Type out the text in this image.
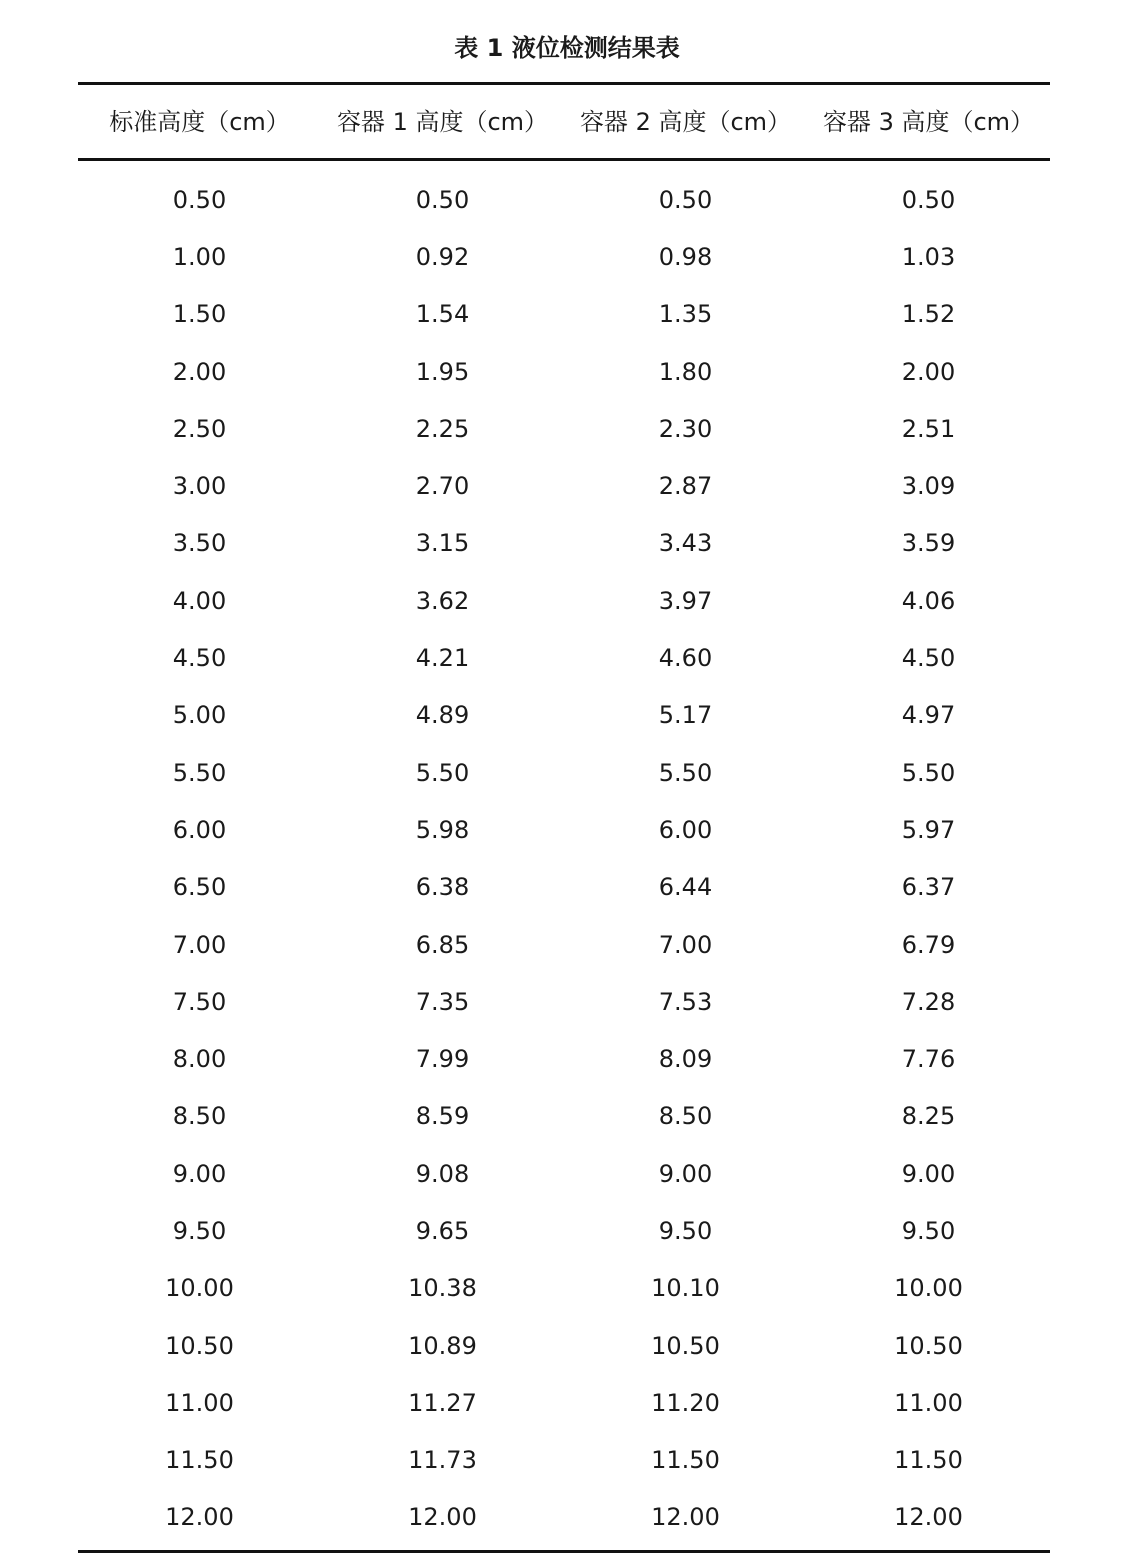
表 1 液位检测结果表
标准高度（cm）	容器 1 高度（cm）	容器 2 高度（cm）	容器 3 高度（cm）
0.50	0.50	0.50	0.50
1.00	0.92	0.98	1.03
1.50	1.54	1.35	1.52
2.00	1.95	1.80	2.00
2.50	2.25	2.30	2.51
3.00	2.70	2.87	3.09
3.50	3.15	3.43	3.59
4.00	3.62	3.97	4.06
4.50	4.21	4.60	4.50
5.00	4.89	5.17	4.97
5.50	5.50	5.50	5.50
6.00	5.98	6.00	5.97
6.50	6.38	6.44	6.37
7.00	6.85	7.00	6.79
7.50	7.35	7.53	7.28
8.00	7.99	8.09	7.76
8.50	8.59	8.50	8.25
9.00	9.08	9.00	9.00
9.50	9.65	9.50	9.50
10.00	10.38	10.10	10.00
10.50	10.89	10.50	10.50
11.00	11.27	11.20	11.00
11.50	11.73	11.50	11.50
12.00	12.00	12.00	12.00
